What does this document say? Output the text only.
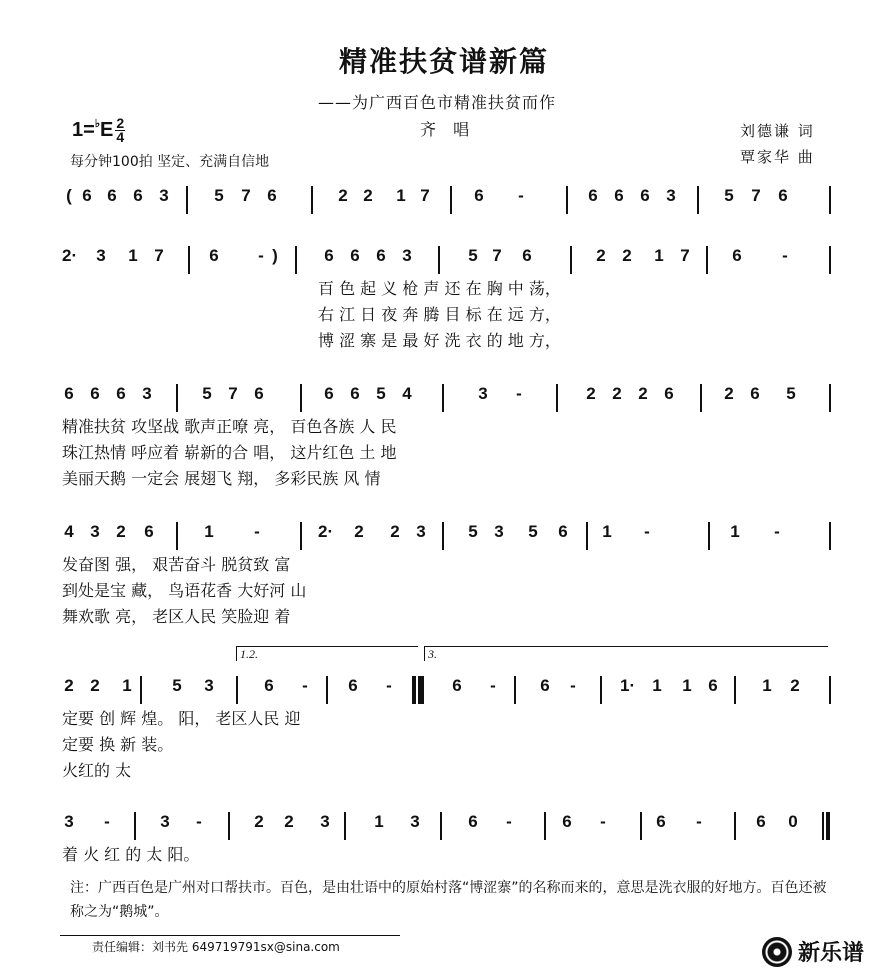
精准扶贫谱新篇
——为广西百色市精准扶贫而作
齐 唱
$1=^♭E \frac{2}{4}$
每分钟100拍 坚定、充满自信地
刘德谦 词
覃家华 曲
( 6 6 6 3	5 7 6	2 2 1 7	6 -	6 6 6 3	5 7 6
2· 3 1 7	6 - )	6 6 6 3	5 7 6	2 2 1 7	6 -
百 色 起 义 枪 声 还 在 胸 中 荡，
右 江 日 夜 奔 腾 目 标 在 远 方，
博 涩 寨 是 最 好 洗 衣 的 地 方，
6 6 6 3	5 7 6	6 6 5 4	3 -	2 2 2 6	2 6 5
精准扶贫 攻坚战 歌声正嘹 亮， 百色各族 人 民
珠江热情 呼应着 崭新的合 唱， 这片红色 土 地
美丽天鹅 一定会 展翅飞 翔， 多彩民族 风 情
4 3 2 6	1 -	2· 2 2 3	5 3 5 6 1 -	1 -
发奋图 强， 艰苦奋斗 脱贫致 富
到处是宝 藏， 鸟语花香 大好河 山
舞欢歌 亮， 老区人民 笑脸迎 着
1.2.	3.
2 2 1 5 3	6 - 6 -	6 -	6 -	1· 1 1 6	1 2
定要 创 辉 煌。 阳， 老区人民 迎
定要 换 新 装。
火红的 太
3 -	3 -	2 2 3	1 3	6 -	6 -	6 -	6 0
着 火 红 的 太 阳。
注：广西百色是广州对口帮扶市。百色，是由壮语中的原始村落“博涩寨”的名称而来的，意思是洗衣服的好地方。百色还被称之为“鹅城”。
责任编辑：刘书先 649719791sx@sina.com	新乐谱
